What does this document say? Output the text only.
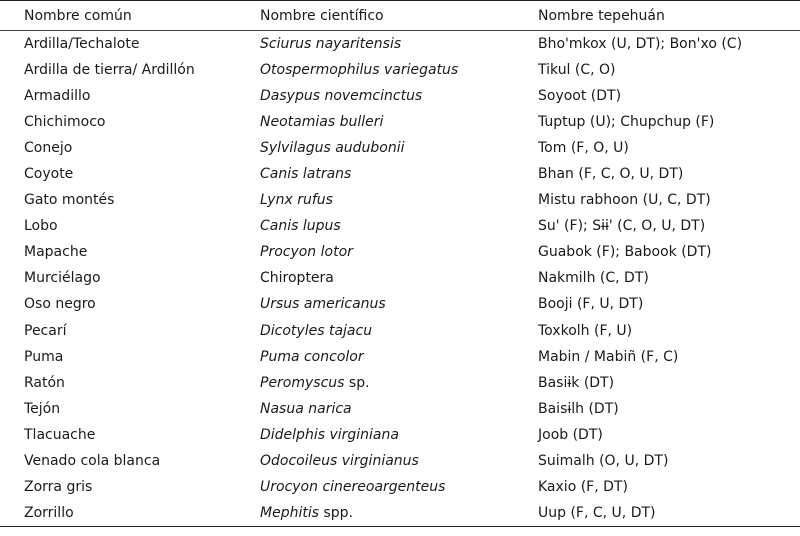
Nombre común	Nombre científico	Nombre tepehuán
Ardilla/Techalote	Sciurus nayaritensis	Bho'mkox (U, DT); Bon'xo (C)
Ardilla de tierra/ Ardillón	Otospermophilus variegatus	Tikul (C, O)
Armadillo	Dasypus novemcinctus	Soyoot (DT)
Chichimoco	Neotamias bulleri	Tuptup (U); Chupchup (F)
Conejo	Sylvilagus audubonii	Tom (F, O, U)
Coyote	Canis latrans	Bhan (F, C, O, U, DT)
Gato montés	Lynx rufus	Mistu rabhoon (U, C, DT)
Lobo	Canis lupus	Su' (F); Sɨɨ' (C, O, U, DT)
Mapache	Procyon lotor	Guabok (F); Babook (DT)
Murciélago	Chiroptera	Nakmilh (C, DT)
Oso negro	Ursus americanus	Booji (F, U, DT)
Pecarí	Dicotyles tajacu	Toxkolh (F, U)
Puma	Puma concolor	Mabin / Mabiñ (F, C)
Ratón	Peromyscus sp.	Basiɨk (DT)
Tejón	Nasua narica	Baisɨlh (DT)
Tlacuache	Didelphis virginiana	Joob (DT)
Venado cola blanca	Odocoileus virginianus	Suimalh (O, U, DT)
Zorra gris	Urocyon cinereoargenteus	Kaxio (F, DT)
Zorrillo	Mephitis spp.	Uup (F, C, U, DT)
